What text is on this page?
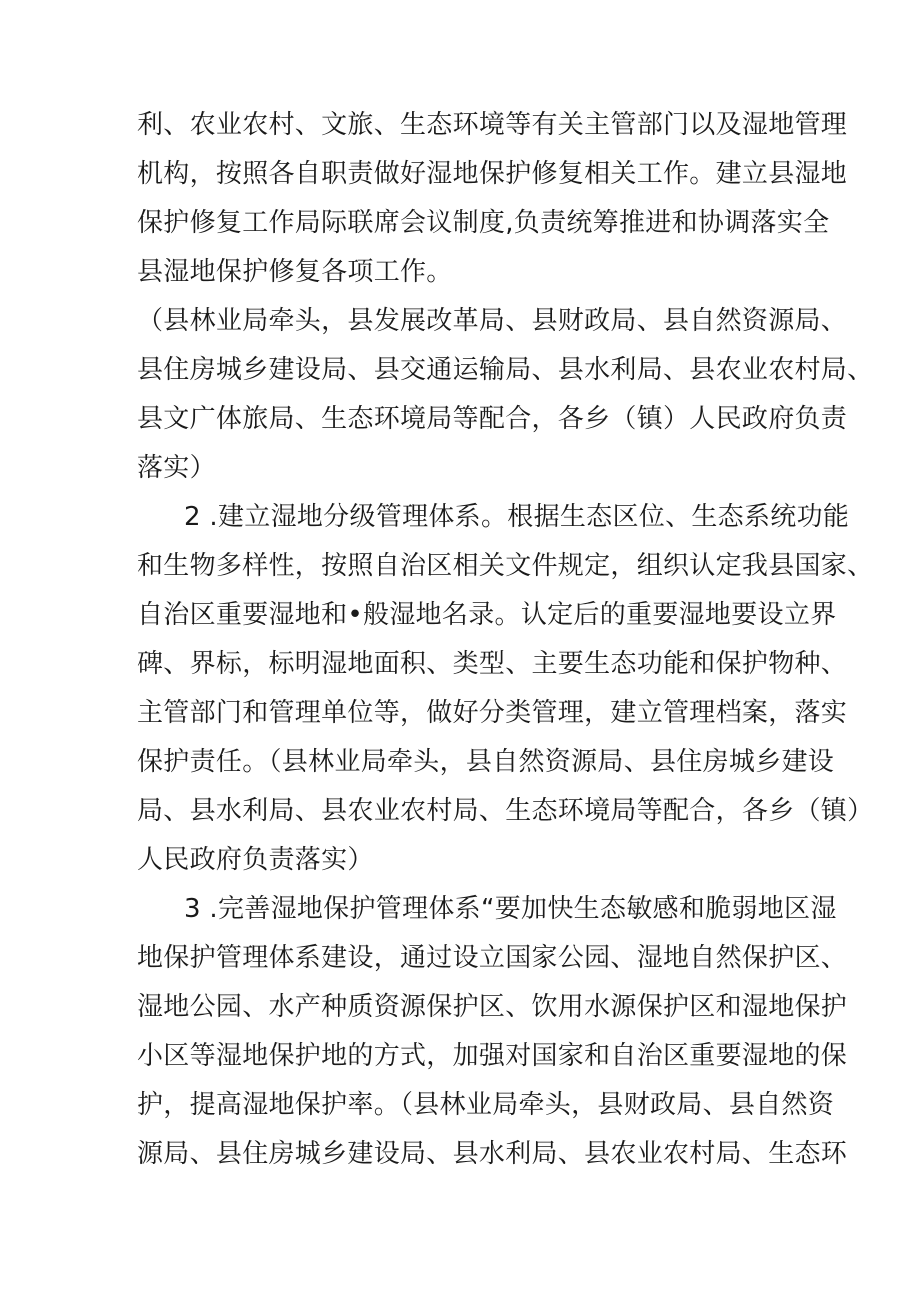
利、农业农村、文旅、生态环境等有关主管部门以及湿地管理
机构，按照各自职责做好湿地保护修复相关工作。建立县湿地
保护修复工作局际联席会议制度,负责统筹推进和协调落实全
县湿地保护修复各项工作。
（县林业局牵头，县发展改革局、县财政局、县自然资源局、
县住房城乡建设局、县交通运输局、县水利局、县农业农村局、
县文广体旅局、生态环境局等配合，各乡（镇）人民政府负责
落实）
2 .建立湿地分级管理体系。根据生态区位、生态系统功能
和生物多样性，按照自治区相关文件规定，组织认定我县国家、
自治区重要湿地和•般湿地名录。认定后的重要湿地要设立界
碑、界标，标明湿地面积、类型、主要生态功能和保护物种、
主管部门和管理单位等，做好分类管理，建立管理档案，落实
保护责任。（县林业局牵头，县自然资源局、县住房城乡建设
局、县水利局、县农业农村局、生态环境局等配合，各乡（镇）
人民政府负责落实）
3 .完善湿地保护管理体系“要加快生态敏感和脆弱地区湿
地保护管理体系建设，通过设立国家公园、湿地自然保护区、
湿地公园、水产种质资源保护区、饮用水源保护区和湿地保护
小区等湿地保护地的方式，加强对国家和自治区重要湿地的保
护，提高湿地保护率。（县林业局牵头，县财政局、县自然资
源局、县住房城乡建设局、县水利局、县农业农村局、生态环
